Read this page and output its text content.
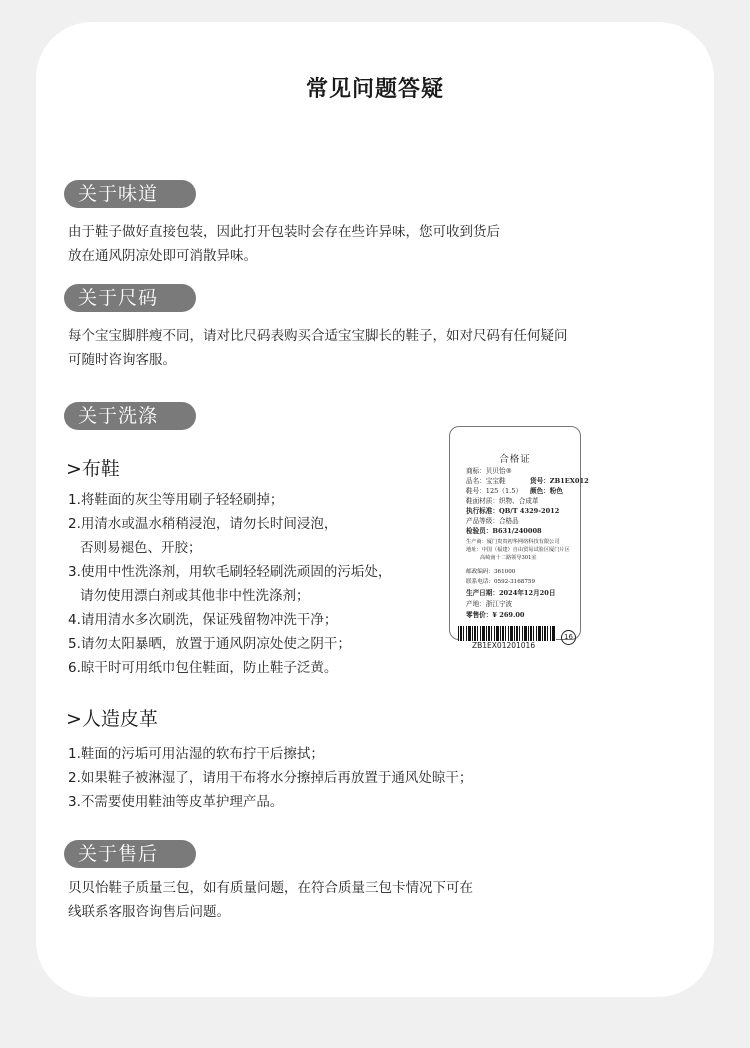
常见问题答疑
关于味道
由于鞋子做好直接包装，因此打开包装时会存在些许异味，您可收到货后
放在通风阴凉处即可消散异味。
关于尺码
每个宝宝脚胖瘦不同，请对比尺码表购买合适宝宝脚长的鞋子，如对尺码有任何疑问
可随时咨询客服。
关于洗涤
>布鞋
1.将鞋面的灰尘等用刷子轻轻刷掉；
2.用清水或温水稍稍浸泡，请勿长时间浸泡，
否则易褪色、开胶；
3.使用中性洗涤剂，用软毛刷轻轻刷洗顽固的污垢处，
请勿使用漂白剂或其他非中性洗涤剂；
4.请用清水多次刷洗，保证残留物冲洗干净；
5.请勿太阳暴晒，放置于通风阴凉处使之阴干；
6.晾干时可用纸巾包住鞋面，防止鞋子泛黄。
>人造皮革
1.鞋面的污垢可用沾湿的软布拧干后擦拭；
2.如果鞋子被淋湿了，请用干布将水分擦掉后再放置于通风处晾干；
3.不需要使用鞋油等皮革护理产品。
关于售后
贝贝怡鞋子质量三包，如有质量问题，在符合质量三包卡情况下可在
线联系客服咨询售后问题。
合格证
商标：贝贝怡®
品名：宝宝鞋	货号：ZB1EX012
鞋号：125（1.5） 颜色：粉色
鞋面材质：织物、合成革
执行标准：QB/T 4329-2012
产品等级：合格品
检验员：B631/240008
生产商：厦门贵贵初华网络科技有限公司
地址：中国（福建）自由贸易试验区厦门片区
高崎南十二路领导301室
邮政编码：361000
联系电话：0592-3168759
生产日期：2024年12月20日
产地：浙江宁波
零售价：¥ 269.00
ZB1EX01201016
16
